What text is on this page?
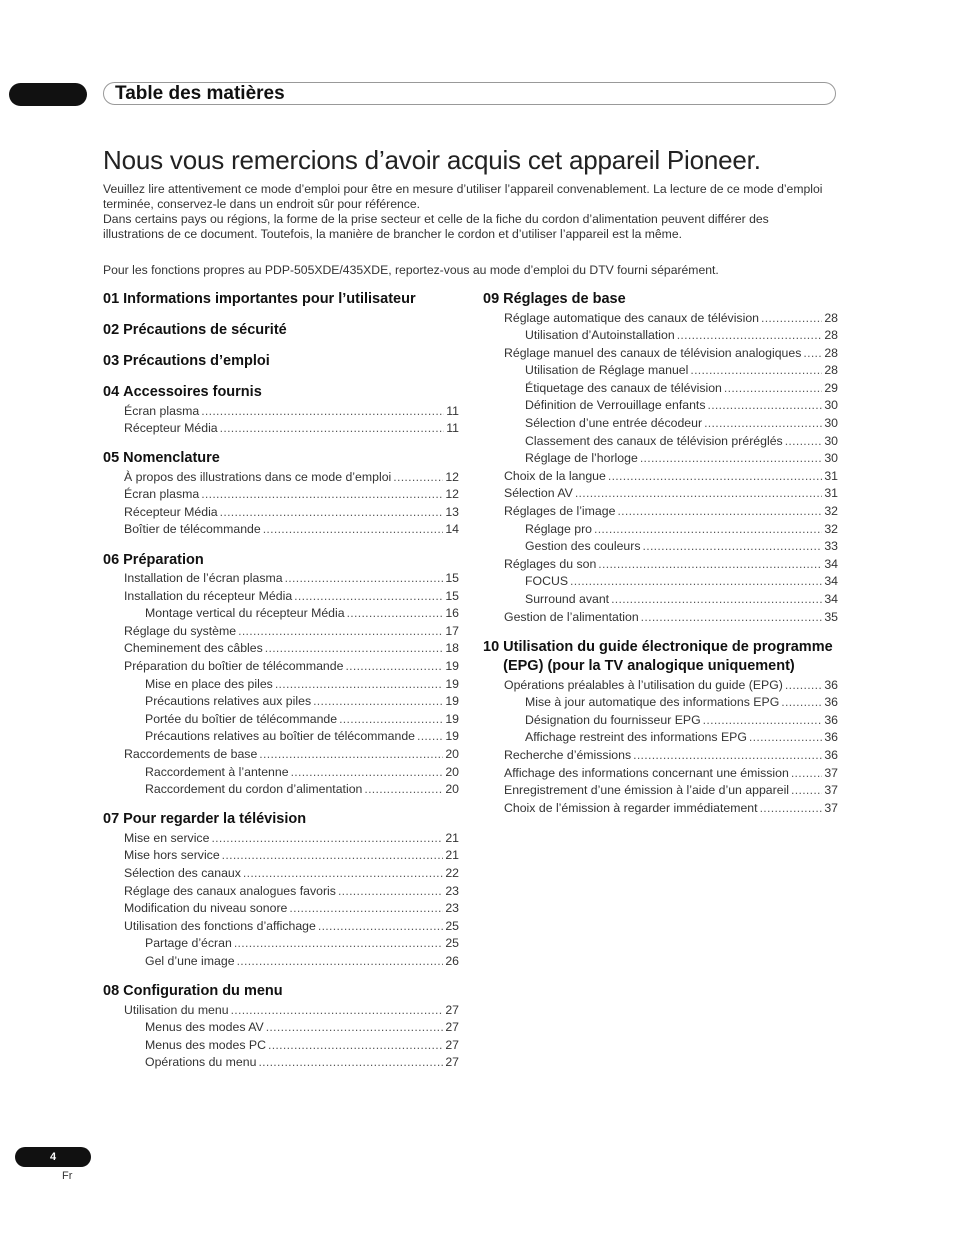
Table des matières
Nous vous remercions d’avoir acquis cet appareil Pioneer.

Veuillez lire attentivement ce mode d’emploi pour être en mesure d’utiliser l’appareil convenablement. La lecture de ce mode d’emploi terminée, conservez-le dans un endroit sûr pour référence.

Dans certains pays ou régions, la forme de la prise secteur et celle de la fiche du cordon d’alimentation peuvent différer des illustrations de ce document. Toutefois, la manière de brancher le cordon et d’utiliser l’appareil est la même.

Pour les fonctions propres au PDP-505XDE/435XDE, reportez-vous au mode d’emploi du DTV fourni séparément.

01 Informations importantes pour l’utilisateur
02 Précautions de sécurité
03 Précautions d’emploi
04 Accessoires fournis
Écran plasma .....	11
Récepteur Média .....	11
05 Nomenclature
À propos des illustrations dans ce mode d’emploi .....	12
Écran plasma .....	12
Récepteur Média .....	13
Boîtier de télécommande .....	14
06 Préparation
Installation de l’écran plasma .....	15
Installation du récepteur Média .....	15
Montage vertical du récepteur Média .....	16
Réglage du système .....	17
Cheminement des câbles .....	18
Préparation du boîtier de télécommande .....	19
Mise en place des piles .....	19
Précautions relatives aux piles .....	19
Portée du boîtier de télécommande .....	19
Précautions relatives au boîtier de télécommande ..... 19
Raccordements de base .....	20
Raccordement à l’antenne .....	20
Raccordement du cordon d’alimentation .....	20
07 Pour regarder la télévision
Mise en service .....	21
Mise hors service .....	21
Sélection des canaux .....	22
Réglage des canaux analogues favoris .....	23
Modification du niveau sonore .....	23
Utilisation des fonctions d’affichage .....	25
Partage d’écran .....	25
Gel d’une image .....	26
08 Configuration du menu
Utilisation du menu .....	27
Menus des modes AV .....	27
Menus des modes PC .....	27
Opérations du menu .....	27
09 Réglages de base
Réglage automatique des canaux de télévision .....	28
Utilisation d’Autoinstallation .....	28
Réglage manuel des canaux de télévision analogiques ..... 28
Utilisation de Réglage manuel .....	28
Étiquetage des canaux de télévision .....	29
Définition de Verrouillage enfants .....	30
Sélection d’une entrée décodeur .....	30
Classement des canaux de télévision préréglés .....	30
Réglage de l’horloge .....	30
Choix de la langue .....	31
Sélection AV .....	31
Réglages de l’image .....	32
Réglage pro .....	32
Gestion des couleurs .....	33
Réglages du son .....	34
FOCUS .....	34
Surround avant .....	34
Gestion de l’alimentation .....	35
10 Utilisation du guide électronique de programme (EPG) (pour la TV analogique uniquement)
Opérations préalables à l’utilisation du guide (EPG) .....	36
Mise à jour automatique des informations EPG .....	36
Désignation du fournisseur EPG .....	36
Affichage restreint des informations EPG .....	36
Recherche d’émissions .....	36
Affichage des informations concernant une émission .....	37
Enregistrement d’une émission à l’aide d’un appareil .....	37
Choix de l’émission à regarder immédiatement .....	37
4
Fr
